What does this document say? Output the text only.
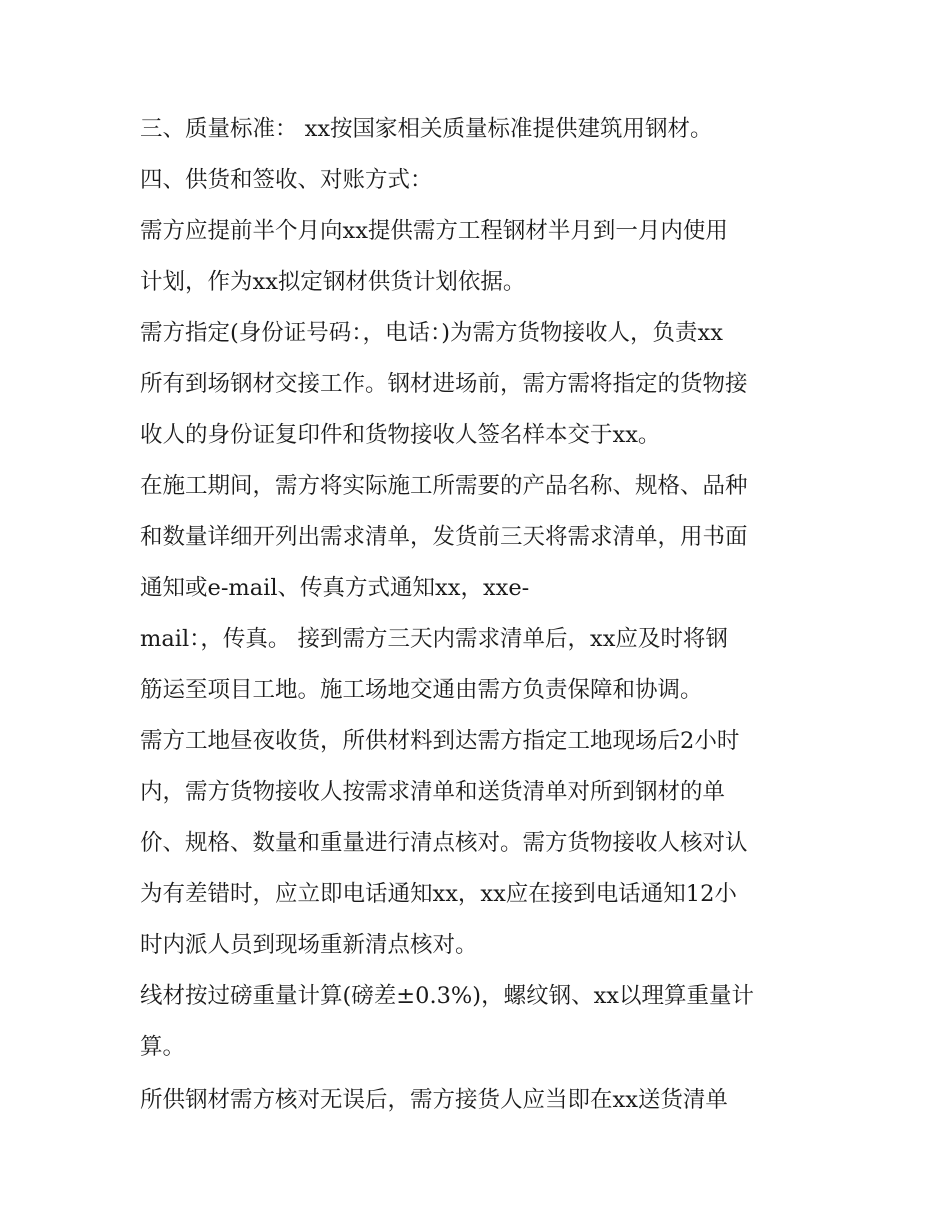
三、质量标准： xx按国家相关质量标准提供建筑用钢材。
四、供货和签收、对账方式：
需方应提前半个月向xx提供需方工程钢材半月到一月内使用
计划，作为xx拟定钢材供货计划依据。
需方指定(身份证号码：，电话：)为需方货物接收人，负责xx
所有到场钢材交接工作。钢材进场前，需方需将指定的货物接
收人的身份证复印件和货物接收人签名样本交于xx。
在施工期间，需方将实际施工所需要的产品名称、规格、品种
和数量详细开列出需求清单，发货前三天将需求清单，用书面
通知或e-mail、传真方式通知xx，xxe-
mail：，传真。 接到需方三天内需求清单后，xx应及时将钢
筋运至项目工地。施工场地交通由需方负责保障和协调。
需方工地昼夜收货，所供材料到达需方指定工地现场后2小时
内，需方货物接收人按需求清单和送货清单对所到钢材的单
价、规格、数量和重量进行清点核对。需方货物接收人核对认
为有差错时，应立即电话通知xx，xx应在接到电话通知12小
时内派人员到现场重新清点核对。
线材按过磅重量计算(磅差±0.3%)，螺纹钢、xx以理算重量计
算。
所供钢材需方核对无误后，需方接货人应当即在xx送货清单
